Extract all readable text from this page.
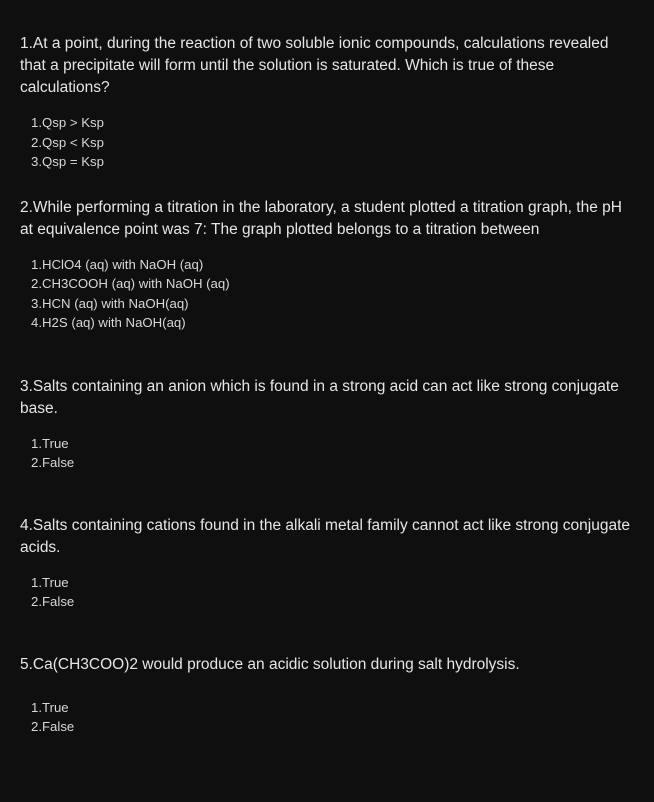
1.At a point, during the reaction of two soluble ionic compounds, calculations revealed that a precipitate will form until the solution is saturated. Which is true of these calculations?

1.Qsp > Ksp
2.Qsp < Ksp
3.Qsp = Ksp

2.While performing a titration in the laboratory, a student plotted a titration graph, the pH at equivalence point was 7: The graph plotted belongs to a titration between

1.HClO4 (aq) with NaOH (aq)
2.CH3COOH (aq) with NaOH (aq)
3.HCN (aq) with NaOH(aq)
4.H2S (aq) with NaOH(aq)

3.Salts containing an anion which is found in a strong acid can act like strong conjugate base.

1.True
2.False

4.Salts containing cations found in the alkali metal family cannot act like strong conjugate acids.

1.True
2.False

5.Ca(CH3COO)2 would produce an acidic solution during salt hydrolysis.

1.True
2.False
